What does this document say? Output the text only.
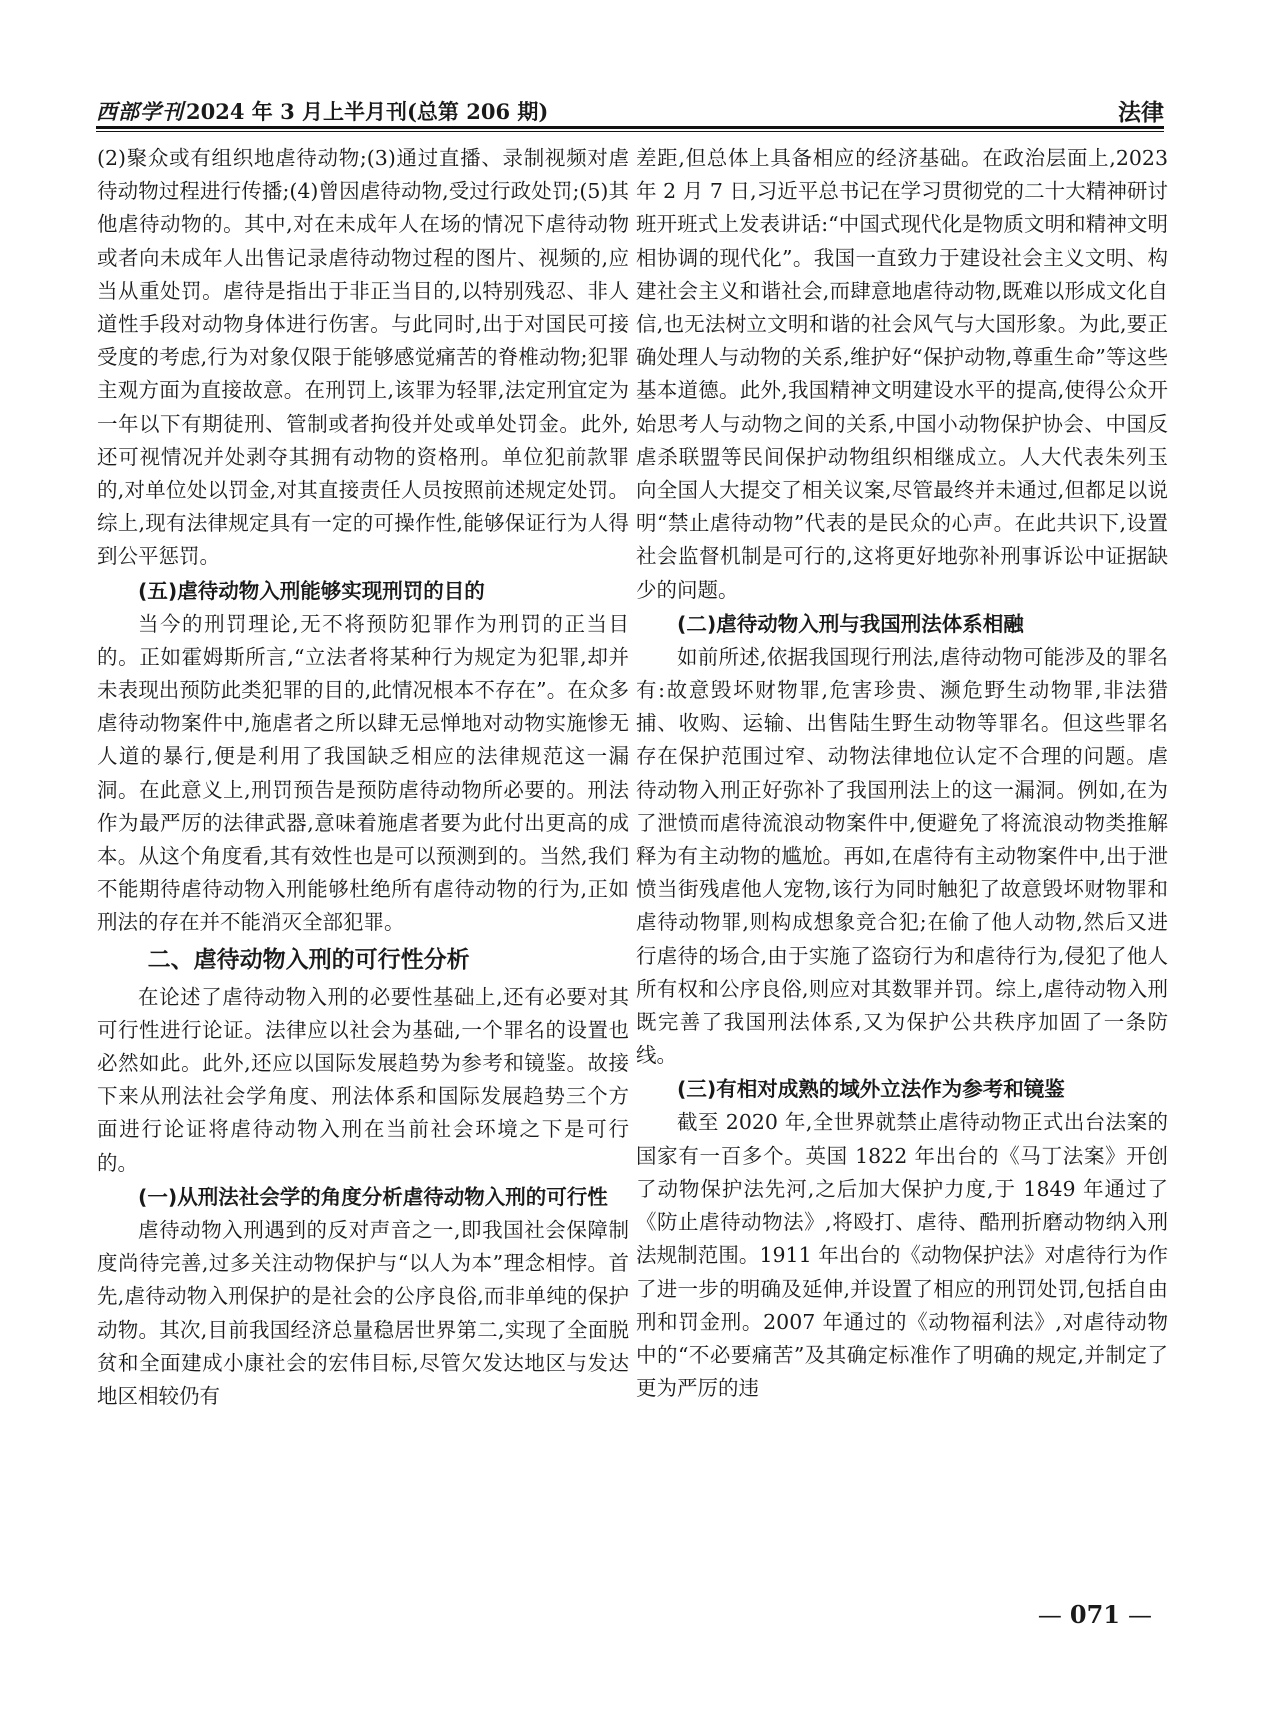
西部学刊2024 年 3 月上半月刊(总第 206 期)	法律

(2)聚众或有组织地虐待动物;(3)通过直播、录制视频对虐待动物过程进行传播;(4)曾因虐待动物,受过行政处罚;(5)其他虐待动物的。其中,对在未成年人在场的情况下虐待动物或者向未成年人出售记录虐待动物过程的图片、视频的,应当从重处罚。虐待是指出于非正当目的,以特别残忍、非人道性手段对动物身体进行伤害。与此同时,出于对国民可接受度的考虑,行为对象仅限于能够感觉痛苦的脊椎动物;犯罪主观方面为直接故意。在刑罚上,该罪为轻罪,法定刑宜定为一年以下有期徒刑、管制或者拘役并处或单处罚金。此外,还可视情况并处剥夺其拥有动物的资格刑。单位犯前款罪的,对单位处以罚金,对其直接责任人员按照前述规定处罚。综上,现有法律规定具有一定的可操作性,能够保证行为人得到公平惩罚。

(五)虐待动物入刑能够实现刑罚的目的

当今的刑罚理论,无不将预防犯罪作为刑罚的正当目的。正如霍姆斯所言,“立法者将某种行为规定为犯罪,却并未表现出预防此类犯罪的目的,此情况根本不存在”。在众多虐待动物案件中,施虐者之所以肆无忌惮地对动物实施惨无人道的暴行,便是利用了我国缺乏相应的法律规范这一漏洞。在此意义上,刑罚预告是预防虐待动物所必要的。刑法作为最严厉的法律武器,意味着施虐者要为此付出更高的成本。从这个角度看,其有效性也是可以预测到的。当然,我们不能期待虐待动物入刑能够杜绝所有虐待动物的行为,正如刑法的存在并不能消灭全部犯罪。

二、虐待动物入刑的可行性分析

在论述了虐待动物入刑的必要性基础上,还有必要对其可行性进行论证。法律应以社会为基础,一个罪名的设置也必然如此。此外,还应以国际发展趋势为参考和镜鉴。故接下来从刑法社会学角度、刑法体系和国际发展趋势三个方面进行论证将虐待动物入刑在当前社会环境之下是可行的。

(一)从刑法社会学的角度分析虐待动物入刑的可行性

虐待动物入刑遇到的反对声音之一,即我国社会保障制度尚待完善,过多关注动物保护与“以人为本”理念相悖。首先,虐待动物入刑保护的是社会的公序良俗,而非单纯的保护动物。其次,目前我国经济总量稳居世界第二,实现了全面脱贫和全面建成小康社会的宏伟目标,尽管欠发达地区与发达地区相较仍有

差距,但总体上具备相应的经济基础。在政治层面上,2023 年 2 月 7 日,习近平总书记在学习贯彻党的二十大精神研讨班开班式上发表讲话:“中国式现代化是物质文明和精神文明相协调的现代化”。我国一直致力于建设社会主义文明、构建社会主义和谐社会,而肆意地虐待动物,既难以形成文化自信,也无法树立文明和谐的社会风气与大国形象。为此,要正确处理人与动物的关系,维护好“保护动物,尊重生命”等这些基本道德。此外,我国精神文明建设水平的提高,使得公众开始思考人与动物之间的关系,中国小动物保护协会、中国反虐杀联盟等民间保护动物组织相继成立。人大代表朱列玉向全国人大提交了相关议案,尽管最终并未通过,但都足以说明“禁止虐待动物”代表的是民众的心声。在此共识下,设置社会监督机制是可行的,这将更好地弥补刑事诉讼中证据缺少的问题。

(二)虐待动物入刑与我国刑法体系相融

如前所述,依据我国现行刑法,虐待动物可能涉及的罪名有:故意毁坏财物罪,危害珍贵、濒危野生动物罪,非法猎捕、收购、运输、出售陆生野生动物等罪名。但这些罪名存在保护范围过窄、动物法律地位认定不合理的问题。虐待动物入刑正好弥补了我国刑法上的这一漏洞。例如,在为了泄愤而虐待流浪动物案件中,便避免了将流浪动物类推解释为有主动物的尴尬。再如,在虐待有主动物案件中,出于泄愤当街残虐他人宠物,该行为同时触犯了故意毁坏财物罪和虐待动物罪,则构成想象竞合犯;在偷了他人动物,然后又进行虐待的场合,由于实施了盗窃行为和虐待行为,侵犯了他人所有权和公序良俗,则应对其数罪并罚。综上,虐待动物入刑既完善了我国刑法体系,又为保护公共秩序加固了一条防线。

(三)有相对成熟的域外立法作为参考和镜鉴

截至 2020 年,全世界就禁止虐待动物正式出台法案的国家有一百多个。英国 1822 年出台的《马丁法案》开创了动物保护法先河,之后加大保护力度,于 1849 年通过了《防止虐待动物法》,将殴打、虐待、酷刑折磨动物纳入刑法规制范围。1911 年出台的《动物保护法》对虐待行为作了进一步的明确及延伸,并设置了相应的刑罚处罚,包括自由刑和罚金刑。2007 年通过的《动物福利法》,对虐待动物中的“不必要痛苦”及其确定标准作了明确的规定,并制定了更为严厉的违

— 071 —
